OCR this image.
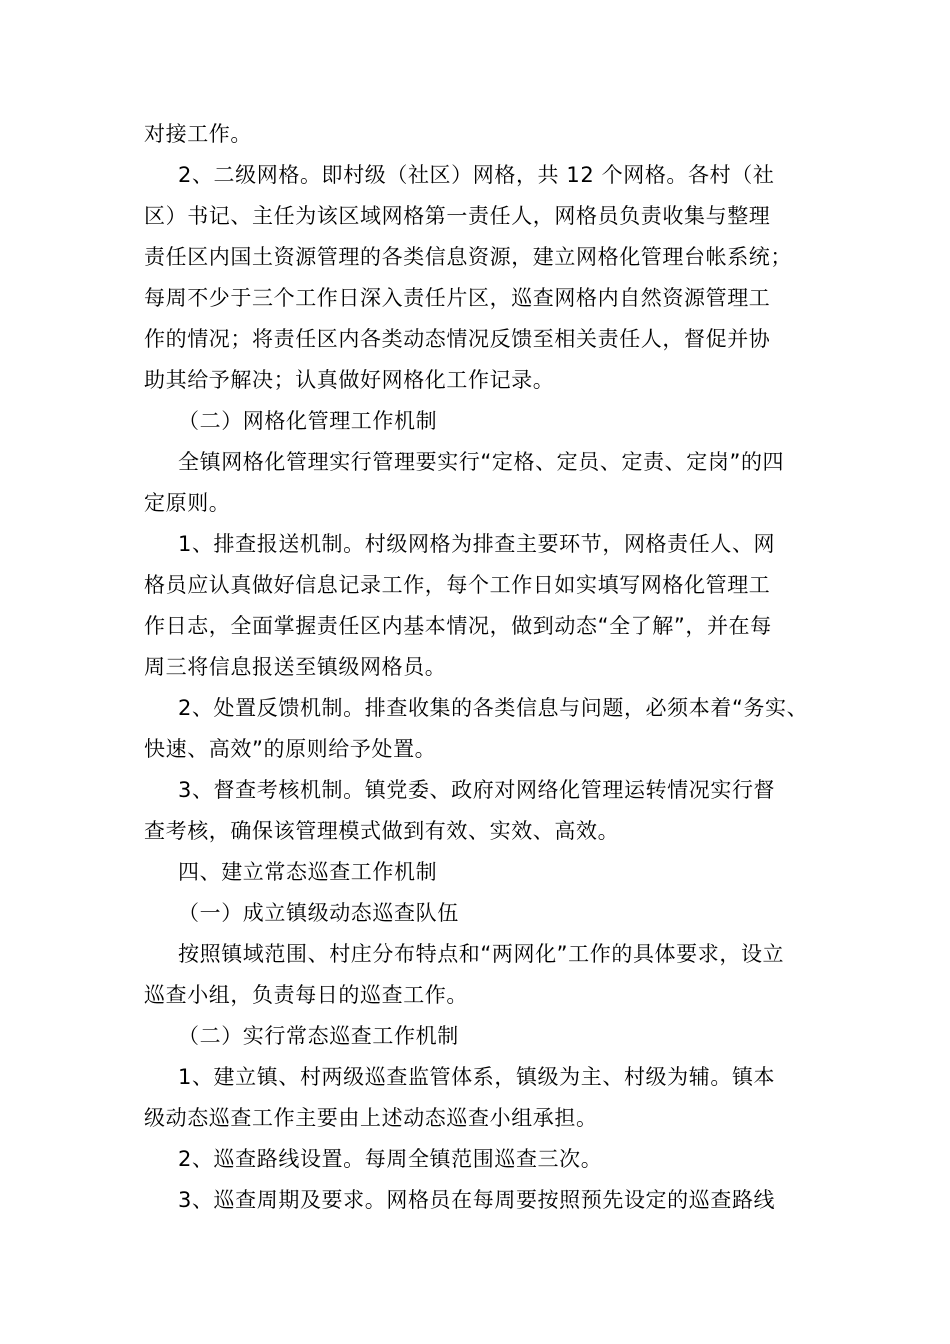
对接工作。
2、二级网格。即村级（社区）网格，共 12 个网格。各村（社
区）书记、主任为该区域网格第一责任人，网格员负责收集与整理
责任区内国土资源管理的各类信息资源，建立网格化管理台帐系统；
每周不少于三个工作日深入责任片区，巡查网格内自然资源管理工
作的情况；将责任区内各类动态情况反馈至相关责任人，督促并协
助其给予解决；认真做好网格化工作记录。
（二）网格化管理工作机制
全镇网格化管理实行管理要实行“定格、定员、定责、定岗”的四
定原则。
1、排查报送机制。村级网格为排查主要环节，网格责任人、网
格员应认真做好信息记录工作，每个工作日如实填写网格化管理工
作日志，全面掌握责任区内基本情况，做到动态“全了解”，并在每
周三将信息报送至镇级网格员。
2、处置反馈机制。排查收集的各类信息与问题，必须本着“务实、
快速、高效”的原则给予处置。
3、督查考核机制。镇党委、政府对网络化管理运转情况实行督
查考核，确保该管理模式做到有效、实效、高效。
四、建立常态巡查工作机制
（一）成立镇级动态巡查队伍
按照镇域范围、村庄分布特点和“两网化”工作的具体要求，设立
巡查小组，负责每日的巡查工作。
（二）实行常态巡查工作机制
1、建立镇、村两级巡查监管体系，镇级为主、村级为辅。镇本
级动态巡查工作主要由上述动态巡查小组承担。
2、巡查路线设置。每周全镇范围巡查三次。
3、巡查周期及要求。网格员在每周要按照预先设定的巡查路线
